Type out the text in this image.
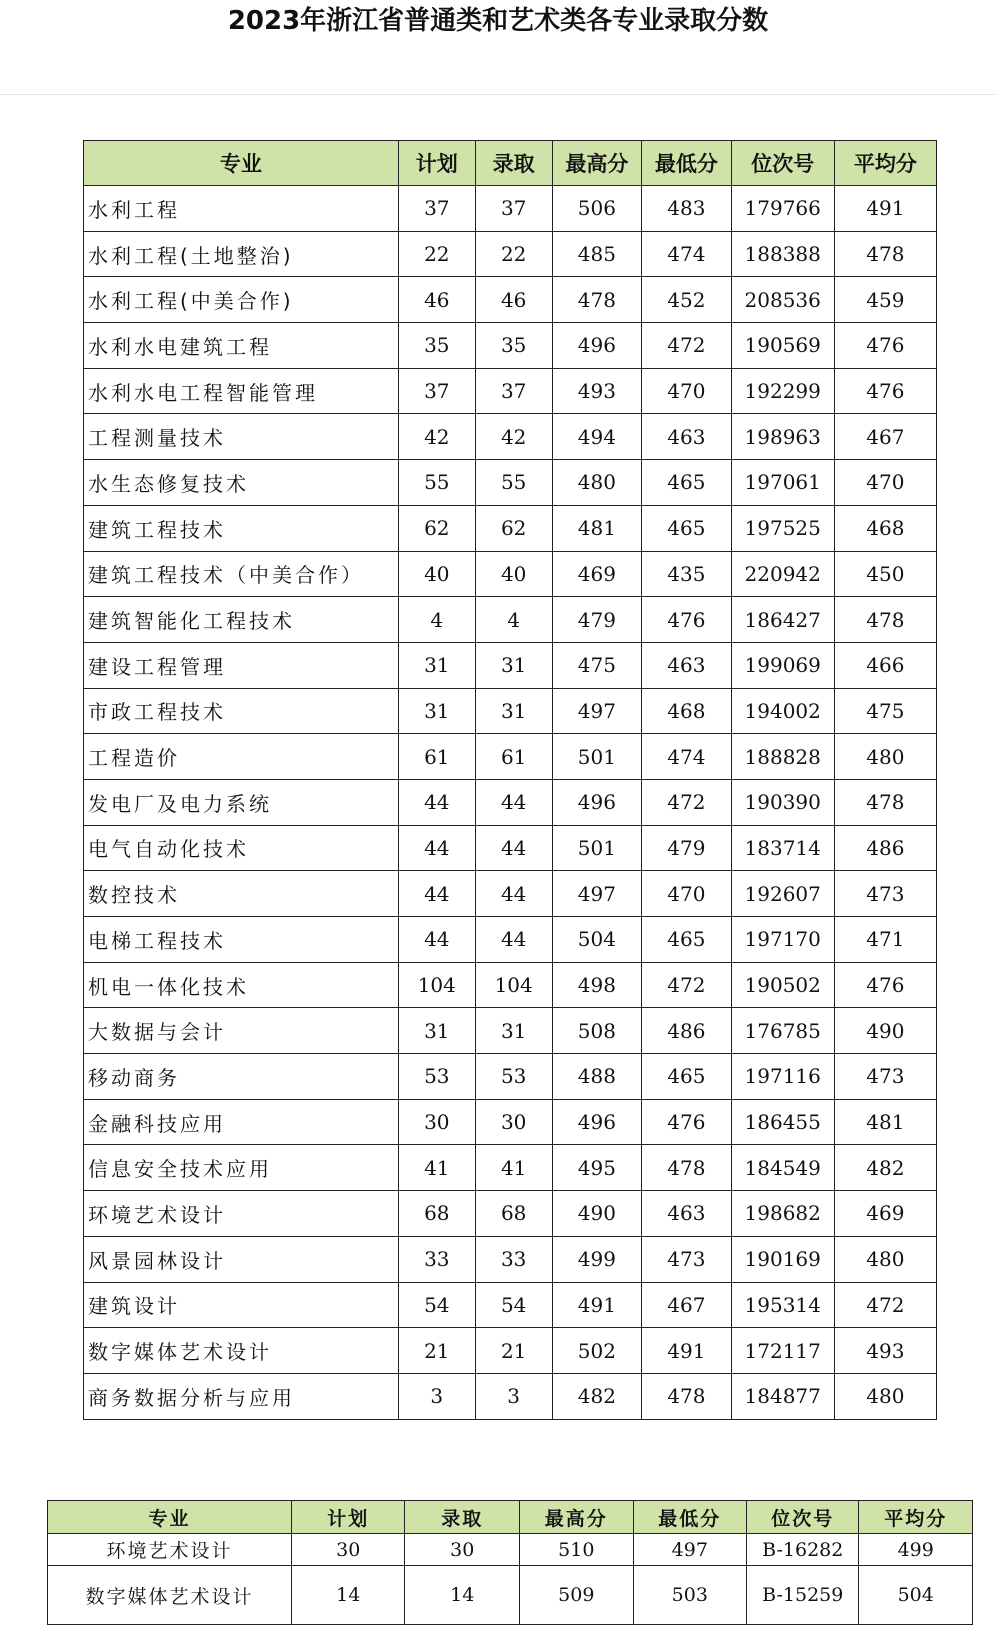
2023年浙江省普通类和艺术类各专业录取分数
专业	计划	录取	最高分	最低分	位次号	平均分
水利工程	37	37	506	483	179766	491
水利工程(土地整治)	22	22	485	474	188388	478
水利工程(中美合作)	46	46	478	452	208536	459
水利水电建筑工程	35	35	496	472	190569	476
水利水电工程智能管理	37	37	493	470	192299	476
工程测量技术	42	42	494	463	198963	467
水生态修复技术	55	55	480	465	197061	470
建筑工程技术	62	62	481	465	197525	468
建筑工程技术（中美合作）	40	40	469	435	220942	450
建筑智能化工程技术	4	4	479	476	186427	478
建设工程管理	31	31	475	463	199069	466
市政工程技术	31	31	497	468	194002	475
工程造价	61	61	501	474	188828	480
发电厂及电力系统	44	44	496	472	190390	478
电气自动化技术	44	44	501	479	183714	486
数控技术	44	44	497	470	192607	473
电梯工程技术	44	44	504	465	197170	471
机电一体化技术	104	104	498	472	190502	476
大数据与会计	31	31	508	486	176785	490
移动商务	53	53	488	465	197116	473
金融科技应用	30	30	496	476	186455	481
信息安全技术应用	41	41	495	478	184549	482
环境艺术设计	68	68	490	463	198682	469
风景园林设计	33	33	499	473	190169	480
建筑设计	54	54	491	467	195314	472
数字媒体艺术设计	21	21	502	491	172117	493
商务数据分析与应用	3	3	482	478	184877	480
专业	计划	录取	最高分	最低分	位次号	平均分
环境艺术设计	30	30	510	497	B-16282	499
数字媒体艺术设计	14	14	509	503	B-15259	504
